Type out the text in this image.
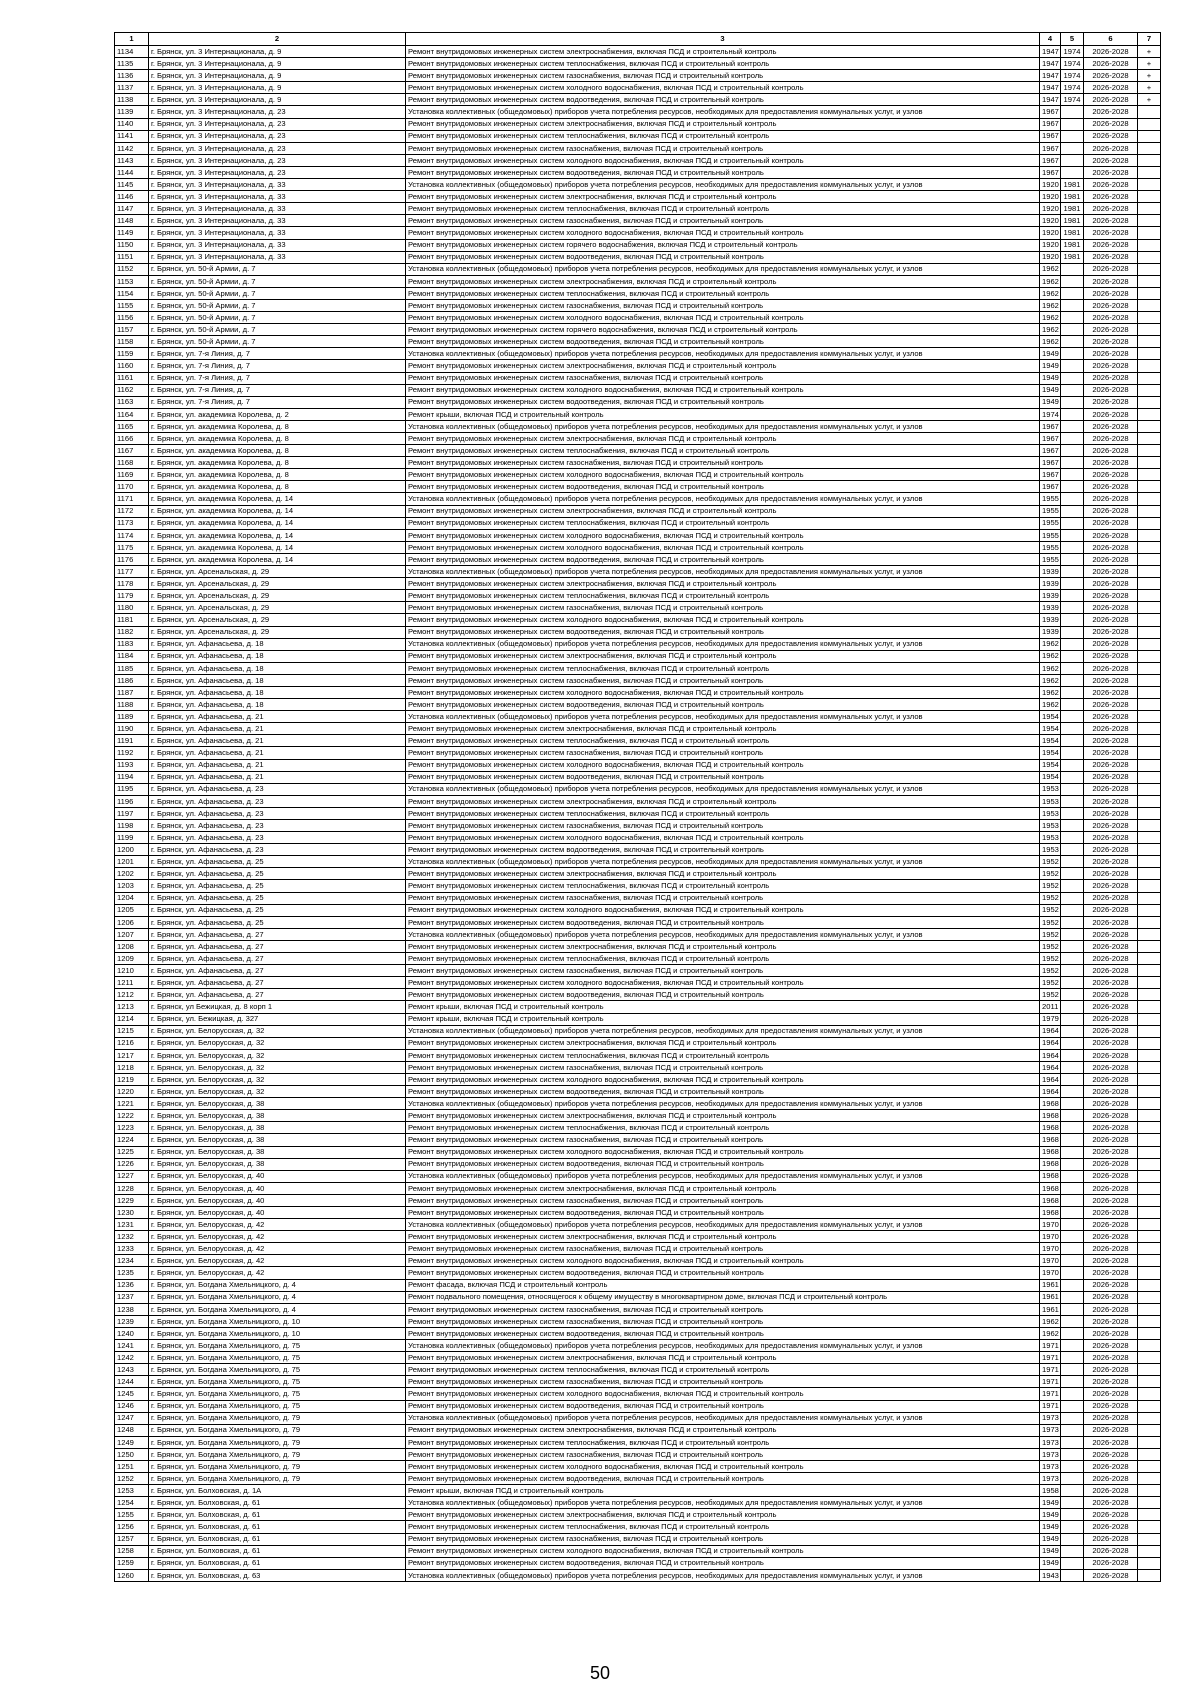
1	2	3	4	5	6	7
1134	г. Брянск, ул. 3 Интернационала, д. 9	Ремонт внутридомовых инженерных систем электроснабжения, включая ПСД и строительный контроль	1947	1974	2026-2028	+
1135	г. Брянск, ул. 3 Интернационала, д. 9	Ремонт внутридомовых инженерных систем теплоснабжения, включая ПСД и строительный контроль	1947	1974	2026-2028	+
1136	г. Брянск, ул. 3 Интернационала, д. 9	Ремонт внутридомовых инженерных систем газоснабжения, включая ПСД и строительный контроль	1947	1974	2026-2028	+
1137	г. Брянск, ул. 3 Интернационала, д. 9	Ремонт внутридомовых инженерных систем холодного водоснабжения, включая ПСД и строительный контроль	1947	1974	2026-2028	+
1138	г. Брянск, ул. 3 Интернационала, д. 9	Ремонт внутридомовых инженерных систем водоотведения, включая ПСД и строительный контроль	1947	1974	2026-2028	+
1139	г. Брянск, ул. 3 Интернационала, д. 23	Установка коллективных (общедомовых) приборов учета потребления ресурсов, необходимых для предоставления коммунальных услуг, и узлов	1967		2026-2028	
1140	г. Брянск, ул. 3 Интернационала, д. 23	Ремонт внутридомовых инженерных систем электроснабжения, включая ПСД и строительный контроль	1967		2026-2028	
1141	г. Брянск, ул. 3 Интернационала, д. 23	Ремонт внутридомовых инженерных систем теплоснабжения, включая ПСД и строительный контроль	1967		2026-2028	
1142	г. Брянск, ул. 3 Интернационала, д. 23	Ремонт внутридомовых инженерных систем газоснабжения, включая ПСД и строительный контроль	1967		2026-2028	
1143	г. Брянск, ул. 3 Интернационала, д. 23	Ремонт внутридомовых инженерных систем холодного водоснабжения, включая ПСД и строительный контроль	1967		2026-2028	
1144	г. Брянск, ул. 3 Интернационала, д. 23	Ремонт внутридомовых инженерных систем водоотведения, включая ПСД и строительный контроль	1967		2026-2028	
1145	г. Брянск, ул. 3 Интернационала, д. 33	Установка коллективных (общедомовых) приборов учета потребления ресурсов, необходимых для предоставления коммунальных услуг, и узлов	1920	1981	2026-2028	
1146	г. Брянск, ул. 3 Интернационала, д. 33	Ремонт внутридомовых инженерных систем электроснабжения, включая ПСД и строительный контроль	1920	1981	2026-2028	
1147	г. Брянск, ул. 3 Интернационала, д. 33	Ремонт внутридомовых инженерных систем теплоснабжения, включая ПСД и строительный контроль	1920	1981	2026-2028	
1148	г. Брянск, ул. 3 Интернационала, д. 33	Ремонт внутридомовых инженерных систем газоснабжения, включая ПСД и строительный контроль	1920	1981	2026-2028	
1149	г. Брянск, ул. 3 Интернационала, д. 33	Ремонт внутридомовых инженерных систем холодного водоснабжения, включая ПСД и строительный контроль	1920	1981	2026-2028	
1150	г. Брянск, ул. 3 Интернационала, д. 33	Ремонт внутридомовых инженерных систем горячего водоснабжения, включая ПСД и строительный контроль	1920	1981	2026-2028	
1151	г. Брянск, ул. 3 Интернационала, д. 33	Ремонт внутридомовых инженерных систем водоотведения, включая ПСД и строительный контроль	1920	1981	2026-2028	
1152	г. Брянск, ул. 50-й Армии, д. 7	Установка коллективных (общедомовых) приборов учета потребления ресурсов, необходимых для предоставления коммунальных услуг, и узлов	1962		2026-2028	
1153	г. Брянск, ул. 50-й Армии, д. 7	Ремонт внутридомовых инженерных систем электроснабжения, включая ПСД и строительный контроль	1962		2026-2028	
1154	г. Брянск, ул. 50-й Армии, д. 7	Ремонт внутридомовых инженерных систем теплоснабжения, включая ПСД и строительный контроль	1962		2026-2028	
1155	г. Брянск, ул. 50-й Армии, д. 7	Ремонт внутридомовых инженерных систем газоснабжения, включая ПСД и строительный контроль	1962		2026-2028	
1156	г. Брянск, ул. 50-й Армии, д. 7	Ремонт внутридомовых инженерных систем холодного водоснабжения, включая ПСД и строительный контроль	1962		2026-2028	
1157	г. Брянск, ул. 50-й Армии, д. 7	Ремонт внутридомовых инженерных систем горячего водоснабжения, включая ПСД и строительный контроль	1962		2026-2028	
1158	г. Брянск, ул. 50-й Армии, д. 7	Ремонт внутридомовых инженерных систем водоотведения, включая ПСД и строительный контроль	1962		2026-2028	
1159	г. Брянск, ул. 7-я Линия, д. 7	Установка коллективных (общедомовых) приборов учета потребления ресурсов, необходимых для предоставления коммунальных услуг, и узлов	1949		2026-2028	
1160	г. Брянск, ул. 7-я Линия, д. 7	Ремонт внутридомовых инженерных систем электроснабжения, включая ПСД и строительный контроль	1949		2026-2028	
1161	г. Брянск, ул. 7-я Линия, д. 7	Ремонт внутридомовых инженерных систем газоснабжения, включая ПСД и строительный контроль	1949		2026-2028	
1162	г. Брянск, ул. 7-я Линия, д. 7	Ремонт внутридомовых инженерных систем холодного водоснабжения, включая ПСД и строительный контроль	1949		2026-2028	
1163	г. Брянск, ул. 7-я Линия, д. 7	Ремонт внутридомовых инженерных систем водоотведения, включая ПСД и строительный контроль	1949		2026-2028	
1164	г. Брянск, ул. академика Королева, д. 2	Ремонт крыши, включая ПСД и строительный контроль	1974		2026-2028	
1165	г. Брянск, ул. академика Королева, д. 8	Установка коллективных (общедомовых) приборов учета потребления ресурсов, необходимых для предоставления коммунальных услуг, и узлов	1967		2026-2028	
1166	г. Брянск, ул. академика Королева, д. 8	Ремонт внутридомовых инженерных систем электроснабжения, включая ПСД и строительный контроль	1967		2026-2028	
1167	г. Брянск, ул. академика Королева, д. 8	Ремонт внутридомовых инженерных систем теплоснабжения, включая ПСД и строительный контроль	1967		2026-2028	
1168	г. Брянск, ул. академика Королева, д. 8	Ремонт внутридомовых инженерных систем газоснабжения, включая ПСД и строительный контроль	1967		2026-2028	
1169	г. Брянск, ул. академика Королева, д. 8	Ремонт внутридомовых инженерных систем холодного водоснабжения, включая ПСД и строительный контроль	1967		2026-2028	
1170	г. Брянск, ул. академика Королева, д. 8	Ремонт внутридомовых инженерных систем водоотведения, включая ПСД и строительный контроль	1967		2026-2028	
1171	г. Брянск, ул. академика Королева, д. 14	Установка коллективных (общедомовых) приборов учета потребления ресурсов, необходимых для предоставления коммунальных услуг, и узлов	1955		2026-2028	
1172	г. Брянск, ул. академика Королева, д. 14	Ремонт внутридомовых инженерных систем электроснабжения, включая ПСД и строительный контроль	1955		2026-2028	
1173	г. Брянск, ул. академика Королева, д. 14	Ремонт внутридомовых инженерных систем теплоснабжения, включая ПСД и строительный контроль	1955		2026-2028	
1174	г. Брянск, ул. академика Королева, д. 14	Ремонт внутридомовых инженерных систем холодного водоснабжения, включая ПСД и строительный контроль	1955		2026-2028	
1175	г. Брянск, ул. академика Королева, д. 14	Ремонт внутридомовых инженерных систем холодного водоснабжения, включая ПСД и строительный контроль	1955		2026-2028	
1176	г. Брянск, ул. академика Королева, д. 14	Ремонт внутридомовых инженерных систем водоотведения, включая ПСД и строительный контроль	1955		2026-2028	
1177	г. Брянск, ул. Арсенальская, д. 29	Установка коллективных (общедомовых) приборов учета потребления ресурсов, необходимых для предоставления коммунальных услуг, и узлов	1939		2026-2028	
1178	г. Брянск, ул. Арсенальская, д. 29	Ремонт внутридомовых инженерных систем электроснабжения, включая ПСД и строительный контроль	1939		2026-2028	
1179	г. Брянск, ул. Арсенальская, д. 29	Ремонт внутридомовых инженерных систем теплоснабжения, включая ПСД и строительный контроль	1939		2026-2028	
1180	г. Брянск, ул. Арсенальская, д. 29	Ремонт внутридомовых инженерных систем газоснабжения, включая ПСД и строительный контроль	1939		2026-2028	
1181	г. Брянск, ул. Арсенальская, д. 29	Ремонт внутридомовых инженерных систем холодного водоснабжения, включая ПСД и строительный контроль	1939		2026-2028	
1182	г. Брянск, ул. Арсенальская, д. 29	Ремонт внутридомовых инженерных систем водоотведения, включая ПСД и строительный контроль	1939		2026-2028	
1183	г. Брянск, ул. Афанасьева, д. 18	Установка коллективных (общедомовых) приборов учета потребления ресурсов, необходимых для предоставления коммунальных услуг, и узлов	1962		2026-2028	
1184	г. Брянск, ул. Афанасьева, д. 18	Ремонт внутридомовых инженерных систем электроснабжения, включая ПСД и строительный контроль	1962		2026-2028	
1185	г. Брянск, ул. Афанасьева, д. 18	Ремонт внутридомовых инженерных систем теплоснабжения, включая ПСД и строительный контроль	1962		2026-2028	
1186	г. Брянск, ул. Афанасьева, д. 18	Ремонт внутридомовых инженерных систем газоснабжения, включая ПСД и строительный контроль	1962		2026-2028	
1187	г. Брянск, ул. Афанасьева, д. 18	Ремонт внутридомовых инженерных систем холодного водоснабжения, включая ПСД и строительный контроль	1962		2026-2028	
1188	г. Брянск, ул. Афанасьева, д. 18	Ремонт внутридомовых инженерных систем водоотведения, включая ПСД и строительный контроль	1962		2026-2028	
1189	г. Брянск, ул. Афанасьева, д. 21	Установка коллективных (общедомовых) приборов учета потребления ресурсов, необходимых для предоставления коммунальных услуг, и узлов	1954		2026-2028	
1190	г. Брянск, ул. Афанасьева, д. 21	Ремонт внутридомовых инженерных систем электроснабжения, включая ПСД и строительный контроль	1954		2026-2028	
1191	г. Брянск, ул. Афанасьева, д. 21	Ремонт внутридомовых инженерных систем теплоснабжения, включая ПСД и строительный контроль	1954		2026-2028	
1192	г. Брянск, ул. Афанасьева, д. 21	Ремонт внутридомовых инженерных систем газоснабжения, включая ПСД и строительный контроль	1954		2026-2028	
1193	г. Брянск, ул. Афанасьева, д. 21	Ремонт внутридомовых инженерных систем холодного водоснабжения, включая ПСД и строительный контроль	1954		2026-2028	
1194	г. Брянск, ул. Афанасьева, д. 21	Ремонт внутридомовых инженерных систем водоотведения, включая ПСД и строительный контроль	1954		2026-2028	
1195	г. Брянск, ул. Афанасьева, д. 23	Установка коллективных (общедомовых) приборов учета потребления ресурсов, необходимых для предоставления коммунальных услуг, и узлов	1953		2026-2028	
1196	г. Брянск, ул. Афанасьева, д. 23	Ремонт внутридомовых инженерных систем электроснабжения, включая ПСД и строительный контроль	1953		2026-2028	
1197	г. Брянск, ул. Афанасьева, д. 23	Ремонт внутридомовых инженерных систем теплоснабжения, включая ПСД и строительный контроль	1953		2026-2028	
1198	г. Брянск, ул. Афанасьева, д. 23	Ремонт внутридомовых инженерных систем газоснабжения, включая ПСД и строительный контроль	1953		2026-2028	
1199	г. Брянск, ул. Афанасьева, д. 23	Ремонт внутридомовых инженерных систем холодного водоснабжения, включая ПСД и строительный контроль	1953		2026-2028	
1200	г. Брянск, ул. Афанасьева, д. 23	Ремонт внутридомовых инженерных систем водоотведения, включая ПСД и строительный контроль	1953		2026-2028	
1201	г. Брянск, ул. Афанасьева, д. 25	Установка коллективных (общедомовых) приборов учета потребления ресурсов, необходимых для предоставления коммунальных услуг, и узлов	1952		2026-2028	
1202	г. Брянск, ул. Афанасьева, д. 25	Ремонт внутридомовых инженерных систем электроснабжения, включая ПСД и строительный контроль	1952		2026-2028	
1203	г. Брянск, ул. Афанасьева, д. 25	Ремонт внутридомовых инженерных систем теплоснабжения, включая ПСД и строительный контроль	1952		2026-2028	
1204	г. Брянск, ул. Афанасьева, д. 25	Ремонт внутридомовых инженерных систем газоснабжения, включая ПСД и строительный контроль	1952		2026-2028	
1205	г. Брянск, ул. Афанасьева, д. 25	Ремонт внутридомовых инженерных систем холодного водоснабжения, включая ПСД и строительный контроль	1952		2026-2028	
1206	г. Брянск, ул. Афанасьева, д. 25	Ремонт внутридомовых инженерных систем водоотведения, включая ПСД и строительный контроль	1952		2026-2028	
1207	г. Брянск, ул. Афанасьева, д. 27	Установка коллективных (общедомовых) приборов учета потребления ресурсов, необходимых для предоставления коммунальных услуг, и узлов	1952		2026-2028	
1208	г. Брянск, ул. Афанасьева, д. 27	Ремонт внутридомовых инженерных систем электроснабжения, включая ПСД и строительный контроль	1952		2026-2028	
1209	г. Брянск, ул. Афанасьева, д. 27	Ремонт внутридомовых инженерных систем теплоснабжения, включая ПСД и строительный контроль	1952		2026-2028	
1210	г. Брянск, ул. Афанасьева, д. 27	Ремонт внутридомовых инженерных систем газоснабжения, включая ПСД и строительный контроль	1952		2026-2028	
1211	г. Брянск, ул. Афанасьева, д. 27	Ремонт внутридомовых инженерных систем холодного водоснабжения, включая ПСД и строительный контроль	1952		2026-2028	
1212	г. Брянск, ул. Афанасьева, д. 27	Ремонт внутридомовых инженерных систем водоотведения, включая ПСД и строительный контроль	1952		2026-2028	
1213	г. Брянск, ул Бежицкая, д. 8 корп 1	Ремонт крыши, включая ПСД и строительный контроль	2011		2026-2028	
1214	г. Брянск, ул. Бежицкая, д. 327	Ремонт крыши, включая ПСД и строительный контроль	1979		2026-2028	
1215	г. Брянск, ул. Белорусская, д. 32	Установка коллективных (общедомовых) приборов учета потребления ресурсов, необходимых для предоставления коммунальных услуг, и узлов	1964		2026-2028	
1216	г. Брянск, ул. Белорусская, д. 32	Ремонт внутридомовых инженерных систем электроснабжения, включая ПСД и строительный контроль	1964		2026-2028	
1217	г. Брянск, ул. Белорусская, д. 32	Ремонт внутридомовых инженерных систем теплоснабжения, включая ПСД и строительный контроль	1964		2026-2028	
1218	г. Брянск, ул. Белорусская, д. 32	Ремонт внутридомовых инженерных систем газоснабжения, включая ПСД и строительный контроль	1964		2026-2028	
1219	г. Брянск, ул. Белорусская, д. 32	Ремонт внутридомовых инженерных систем холодного водоснабжения, включая ПСД и строительный контроль	1964		2026-2028	
1220	г. Брянск, ул. Белорусская, д. 32	Ремонт внутридомовых инженерных систем водоотведения, включая ПСД и строительный контроль	1964		2026-2028	
1221	г. Брянск, ул. Белорусская, д. 38	Установка коллективных (общедомовых) приборов учета потребления ресурсов, необходимых для предоставления коммунальных услуг, и узлов	1968		2026-2028	
1222	г. Брянск, ул. Белорусская, д. 38	Ремонт внутридомовых инженерных систем электроснабжения, включая ПСД и строительный контроль	1968		2026-2028	
1223	г. Брянск, ул. Белорусская, д. 38	Ремонт внутридомовых инженерных систем теплоснабжения, включая ПСД и строительный контроль	1968		2026-2028	
1224	г. Брянск, ул. Белорусская, д. 38	Ремонт внутридомовых инженерных систем газоснабжения, включая ПСД и строительный контроль	1968		2026-2028	
1225	г. Брянск, ул. Белорусская, д. 38	Ремонт внутридомовых инженерных систем холодного водоснабжения, включая ПСД и строительный контроль	1968		2026-2028	
1226	г. Брянск, ул. Белорусская, д. 38	Ремонт внутридомовых инженерных систем водоотведения, включая ПСД и строительный контроль	1968		2026-2028	
1227	г. Брянск, ул. Белорусская, д. 40	Установка коллективных (общедомовых) приборов учета потребления ресурсов, необходимых для предоставления коммунальных услуг, и узлов	1968		2026-2028	
1228	г. Брянск, ул. Белорусская, д. 40	Ремонт внутридомовых инженерных систем электроснабжения, включая ПСД и строительный контроль	1968		2026-2028	
1229	г. Брянск, ул. Белорусская, д. 40	Ремонт внутридомовых инженерных систем газоснабжения, включая ПСД и строительный контроль	1968		2026-2028	
1230	г. Брянск, ул. Белорусская, д. 40	Ремонт внутридомовых инженерных систем водоотведения, включая ПСД и строительный контроль	1968		2026-2028	
1231	г. Брянск, ул. Белорусская, д. 42	Установка коллективных (общедомовых) приборов учета потребления ресурсов, необходимых для предоставления коммунальных услуг, и узлов	1970		2026-2028	
1232	г. Брянск, ул. Белорусская, д. 42	Ремонт внутридомовых инженерных систем электроснабжения, включая ПСД и строительный контроль	1970		2026-2028	
1233	г. Брянск, ул. Белорусская, д. 42	Ремонт внутридомовых инженерных систем газоснабжения, включая ПСД и строительный контроль	1970		2026-2028	
1234	г. Брянск, ул. Белорусская, д. 42	Ремонт внутридомовых инженерных систем холодного водоснабжения, включая ПСД и строительный контроль	1970		2026-2028	
1235	г. Брянск, ул. Белорусская, д. 42	Ремонт внутридомовых инженерных систем водоотведения, включая ПСД и строительный контроль	1970		2026-2028	
1236	г. Брянск, ул. Богдана Хмельницкого, д. 4	Ремонт фасада, включая ПСД и строительный контроль	1961		2026-2028	
1237	г. Брянск, ул. Богдана Хмельницкого, д. 4	Ремонт подвального помещения, относящегося к общему имуществу в многоквартирном доме, включая ПСД и строительный контроль	1961		2026-2028	
1238	г. Брянск, ул. Богдана Хмельницкого, д. 4	Ремонт внутридомовых инженерных систем газоснабжения, включая ПСД и строительный контроль	1961		2026-2028	
1239	г. Брянск, ул. Богдана Хмельницкого, д. 10	Ремонт внутридомовых инженерных систем газоснабжения, включая ПСД и строительный контроль	1962		2026-2028	
1240	г. Брянск, ул. Богдана Хмельницкого, д. 10	Ремонт внутридомовых инженерных систем водоотведения, включая ПСД и строительный контроль	1962		2026-2028	
1241	г. Брянск, ул. Богдана Хмельницкого, д. 75	Установка коллективных (общедомовых) приборов учета потребления ресурсов, необходимых для предоставления коммунальных услуг, и узлов	1971		2026-2028	
1242	г. Брянск, ул. Богдана Хмельницкого, д. 75	Ремонт внутридомовых инженерных систем электроснабжения, включая ПСД и строительный контроль	1971		2026-2028	
1243	г. Брянск, ул. Богдана Хмельницкого, д. 75	Ремонт внутридомовых инженерных систем теплоснабжения, включая ПСД и строительный контроль	1971		2026-2028	
1244	г. Брянск, ул. Богдана Хмельницкого, д. 75	Ремонт внутридомовых инженерных систем газоснабжения, включая ПСД и строительный контроль	1971		2026-2028	
1245	г. Брянск, ул. Богдана Хмельницкого, д. 75	Ремонт внутридомовых инженерных систем холодного водоснабжения, включая ПСД и строительный контроль	1971		2026-2028	
1246	г. Брянск, ул. Богдана Хмельницкого, д. 75	Ремонт внутридомовых инженерных систем водоотведения, включая ПСД и строительный контроль	1971		2026-2028	
1247	г. Брянск, ул. Богдана Хмельницкого, д. 79	Установка коллективных (общедомовых) приборов учета потребления ресурсов, необходимых для предоставления коммунальных услуг, и узлов	1973		2026-2028	
1248	г. Брянск, ул. Богдана Хмельницкого, д. 79	Ремонт внутридомовых инженерных систем электроснабжения, включая ПСД и строительный контроль	1973		2026-2028	
1249	г. Брянск, ул. Богдана Хмельницкого, д. 79	Ремонт внутридомовых инженерных систем теплоснабжения, включая ПСД и строительный контроль	1973		2026-2028	
1250	г. Брянск, ул. Богдана Хмельницкого, д. 79	Ремонт внутридомовых инженерных систем газоснабжения, включая ПСД и строительный контроль	1973		2026-2028	
1251	г. Брянск, ул. Богдана Хмельницкого, д. 79	Ремонт внутридомовых инженерных систем холодного водоснабжения, включая ПСД и строительный контроль	1973		2026-2028	
1252	г. Брянск, ул. Богдана Хмельницкого, д. 79	Ремонт внутридомовых инженерных систем водоотведения, включая ПСД и строительный контроль	1973		2026-2028	
1253	г. Брянск, ул. Болховская, д. 1А	Ремонт крыши, включая ПСД и строительный контроль	1958		2026-2028	
1254	г. Брянск, ул. Болховская, д. 61	Установка коллективных (общедомовых) приборов учета потребления ресурсов, необходимых для предоставления коммунальных услуг, и узлов	1949		2026-2028	
1255	г. Брянск, ул. Болховская, д. 61	Ремонт внутридомовых инженерных систем электроснабжения, включая ПСД и строительный контроль	1949		2026-2028	
1256	г. Брянск, ул. Болховская, д. 61	Ремонт внутридомовых инженерных систем теплоснабжения, включая ПСД и строительный контроль	1949		2026-2028	
1257	г. Брянск, ул. Болховская, д. 61	Ремонт внутридомовых инженерных систем газоснабжения, включая ПСД и строительный контроль	1949		2026-2028	
1258	г. Брянск, ул. Болховская, д. 61	Ремонт внутридомовых инженерных систем холодного водоснабжения, включая ПСД и строительный контроль	1949		2026-2028	
1259	г. Брянск, ул. Болховская, д. 61	Ремонт внутридомовых инженерных систем водоотведения, включая ПСД и строительный контроль	1949		2026-2028	
1260	г. Брянск, ул. Болховская, д. 63	Установка коллективных (общедомовых) приборов учета потребления ресурсов, необходимых для предоставления коммунальных услуг, и узлов	1943		2026-2028	
50
